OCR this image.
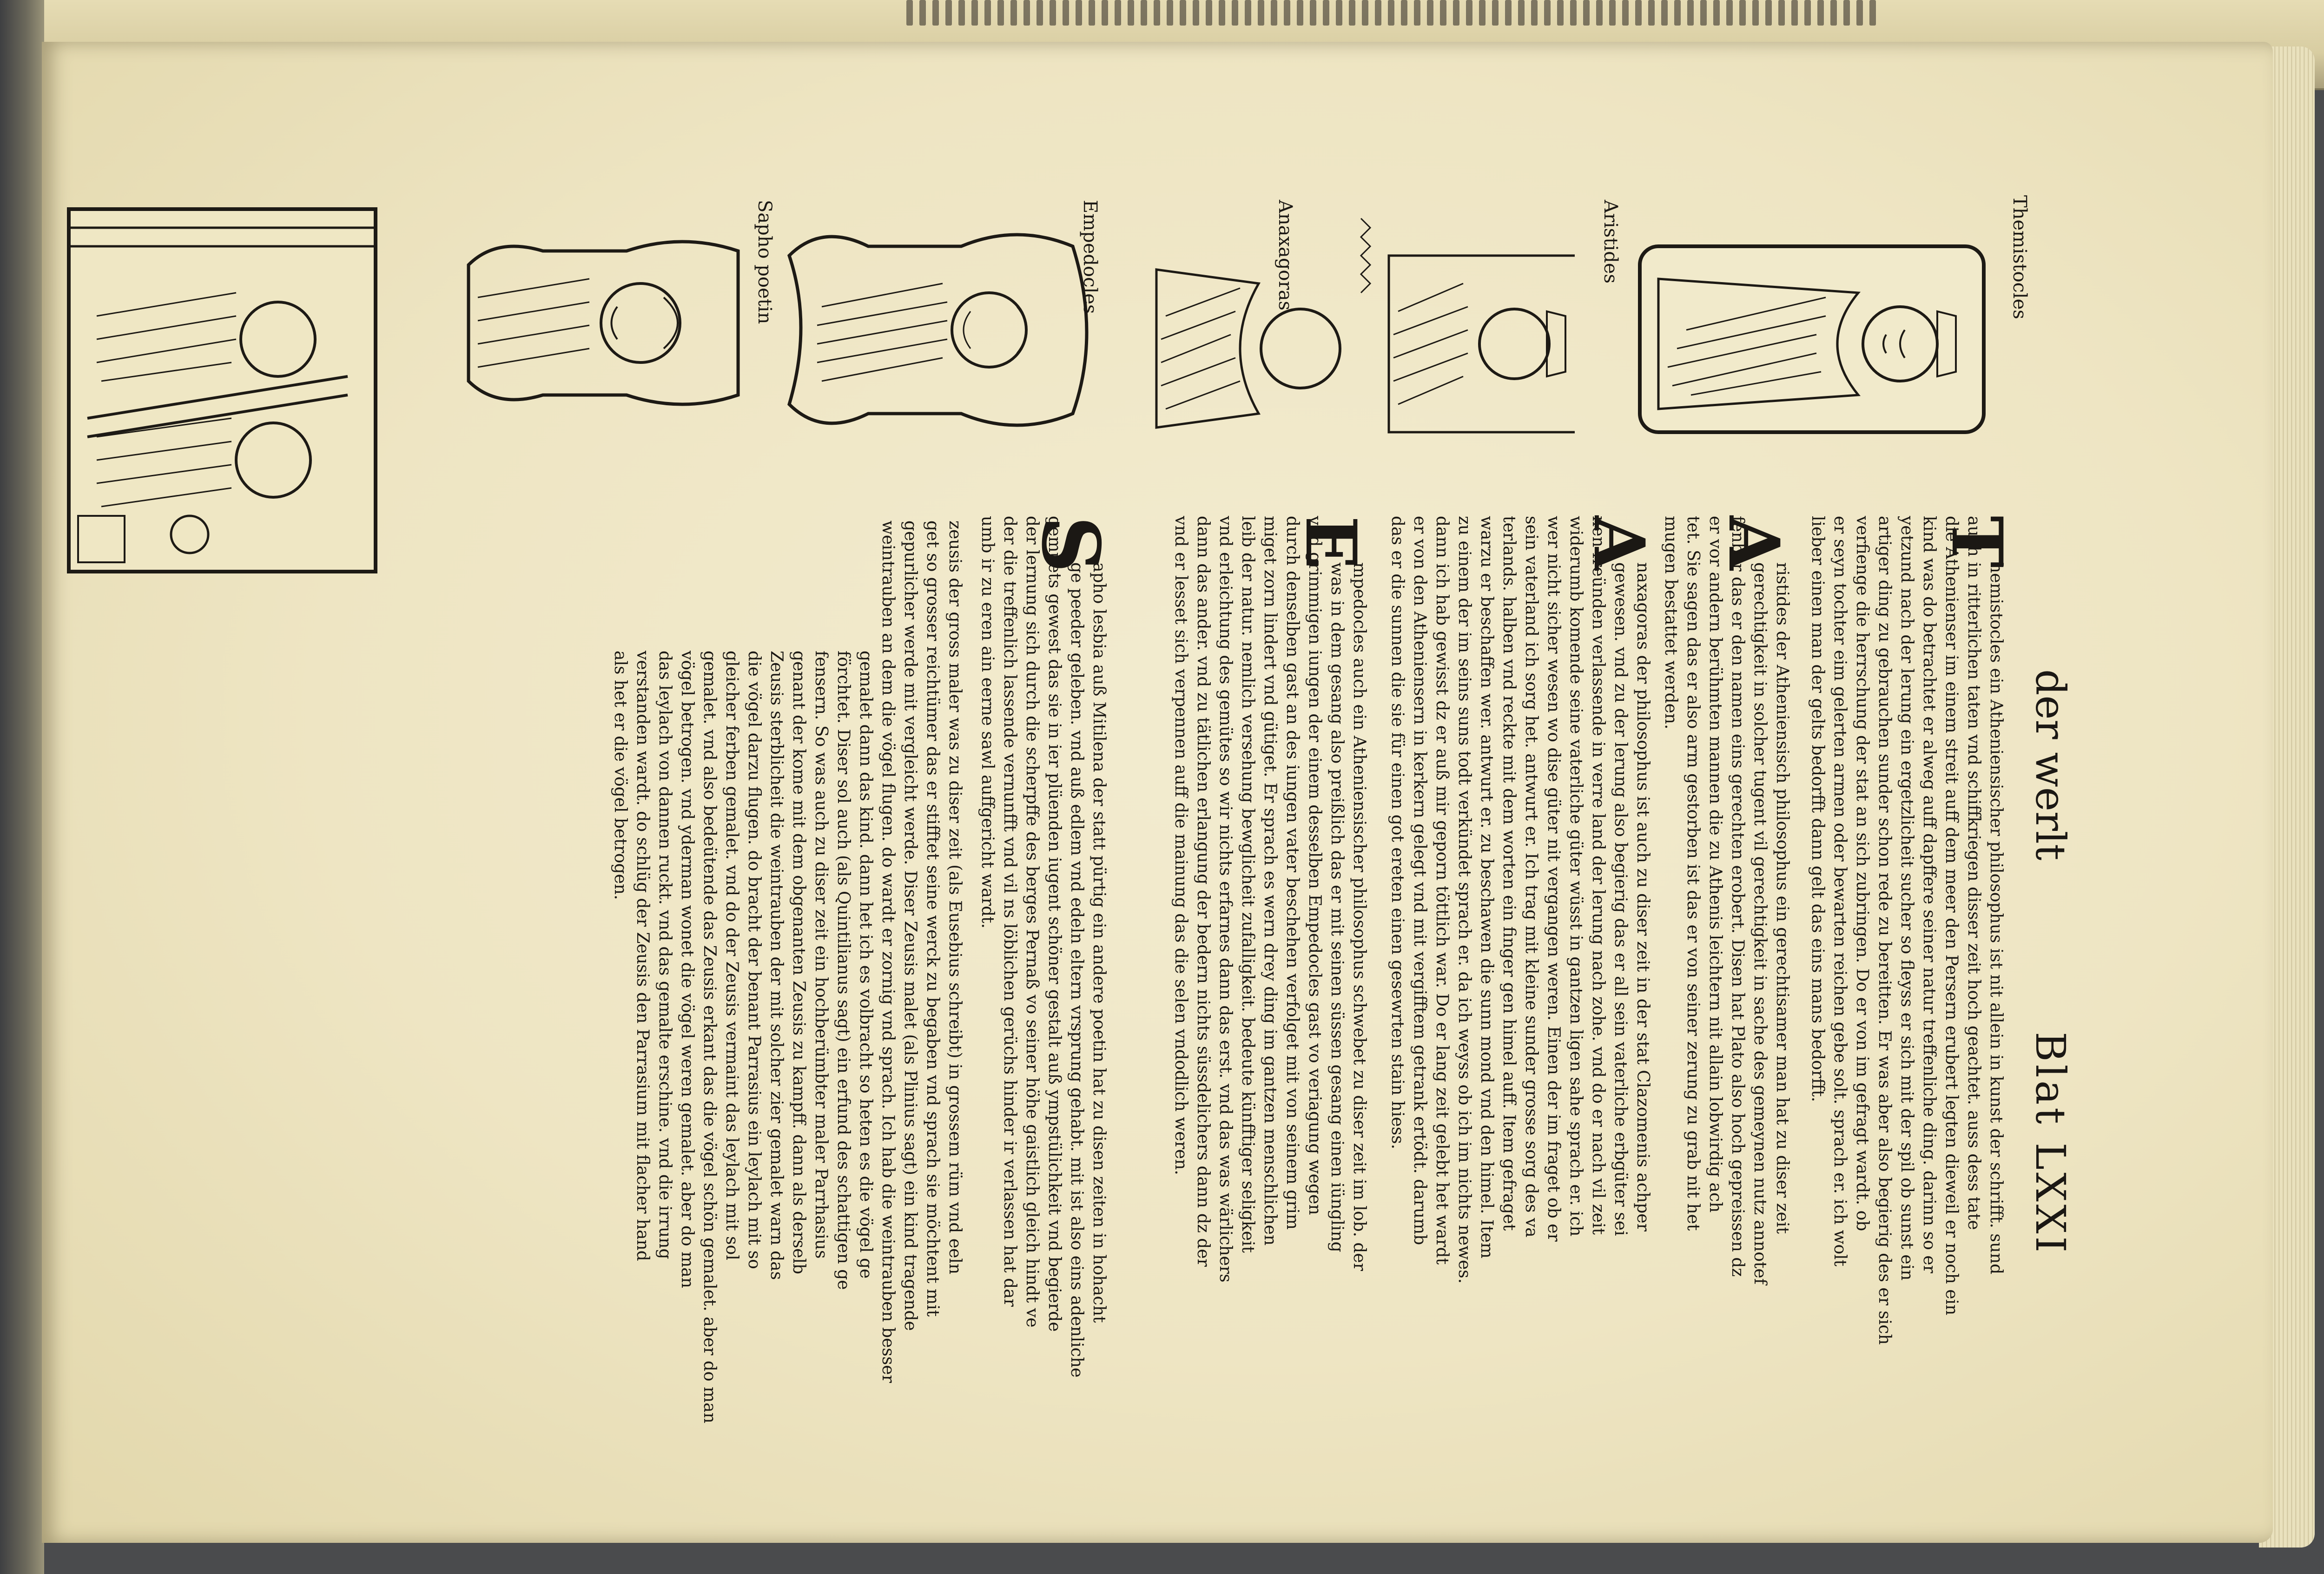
der werlt
Blat LXXI
Themistocles
Aristides
Anaxagoras
Empedocles
Sapho poetin
T
hemistocles ein Atheniensischer philosophus ist nit allein in kunst der schrifft. sund
auch in ritterlichen taten vnd schiffkriegen disser zeit hoch geachtet. auss dess tate
die Athenienser im einem streit auff dem meer den Persern erubert legten dieweil er noch ein
kind was do betrachtet er alweg auff dapffere seiner natur treffenliche ding. darinn so er
yetzund nach der lerung ein ergetzlicheit sucher so fleyss er sich mit der spil ob sunst ein
artiger ding zu gebrauchen sunder schon rede zu bereitten. Er was aber also begierig des er sich
verfienge die herrschung der stat an sich zubringen. Do er von im gefragt wardt. ob
er seyn tochter eim gelerten armen oder bewarten reichen gebe solt. sprach er. ich wolt
lieber einen man der gelts bedorfft dann gelt das eins mans bedorfft.
A
ristides der Atheniensisch philosophus ein gerechtisamer man hat zu diser zeit
gerechtigkeit in solcher tugent vil gerechtigkeit in sache des gemeynen nutz annotef
fenbar das er den namen eins gerechten erobert. Disen hat Plato also hoch gepreissen dz
er vor andern berühmten mannen die zu Athenis leichtern nit allain lobwirdig ach
tet. Sie sagen das er also arm gestorben ist das er von seiner zerung zu grab nit het
mugen bestattet werden.
A
naxagoras der philosophus ist auch zu diser zeit in der stat Clazomenis achper
gewesen. vnd zu der lerung also begierig das er all sein vaterliche erbgüter sei
nen freünden verlassende in verre land der lerung nach zohe. vnd do er nach vil zeit
widerumb komende seine vaterliche güter wüsst in gantzen ligen sahe sprach er. ich
wer nicht sicher wesen wo dise güter nit vergangen weren. Einen der im fraget ob er
sein vaterland ich sorg het. antwurt er. Ich trag mit kleine sunder grosse sorg des va
terlands. halben vnd reckte mit dem worten ein finger gen himel auff. Item gefraget
warzu er beschaffen wer. antwurt er. zu beschawen die sunn mond vnd den himel. Item
zu einem der im seins suns todt verkündet sprach er. da ich weyss ob ich im nichts newes.
dann ich hab gewisst dz er auß mir geporn töttlich war. Do er lang zeit gelebt het wardt
er von den Atheniensern in kerkern gelegt vnd mit vergifftem getrank ertödt. darumb
das er die sunnen die sie für einen got ereten einen gesewrten stain hiess.
E
mpedocles auch ein Atheniensischer philosophus schwebet zu diser zeit im lob. der
was in dem gesang also preißlich das er mit seinen süssen gesang einen iüngling
vnd grimmigen iungen der einem desselben Empedocles gast vo veriagung wegen
durch denselben gast an des iungen vater beschehen verfolget mit von seinem grim
miget zorn lindert vnd gütiget. Er sprach es wern drey ding im gantzen menschlichen
leib der natur. nemlich versehung bewglicheit zufalligkeit. bedeute künfftiger seligkeit
vnd erleichtung des gemütes so wir nichts erfarnes dann das erst. vnd das was wärlichers
dann das ander. vnd zu tätlichen erlangung der bedern nichts süssdelichers dann dz der
vnd er lesset sich verpennen auff die mainung das die selen vndodlich weren.
S
apho lesbia auß Mitilena der statt pürtig ein andere poetin hat zu disen zeiten in hohacht
ge peeder geleben. vnd auß edlem vnd edeln eltern vrsprung gehabt. mit ist also eins adenliche
gemüets gewest das sie in ier plüenden iugent schöner gestalt auß ympstülichkeit vnd begierde
der lernung sich durch die scherpffe des berges Pernaß vo seiner höhe gaistlich gleich hindt ve
der die treffenlich lassende vernunfft vnd vil ns löblichen gerüchs hinder ir verlassen hat dar
umb ir zu eren ain eerne sawl auffgericht wardt.
zeusis der gross maler was zu diser zeit (als Eusebius schreibt) in grossem rüm vnd eeln
get so grosser reichtümer das er stifftet seine werck zu begaben vnd sprach sie möchtent mit
gepurlicher werde mit vergleicht werde. Diser Zeusis malet (als Plinius sagt) ein kind tragende
weintrauben an dem die vögel flugen. do wardt er zornig vnd sprach. Ich hab die weintrauben besser
gemalet dann das kind. dann het ich es volbracht so heten es die vögel ge
förchtet. Diser sol auch (als Quintilianus sagt) ein erfund des schattigen ge
fensern. So was auch zu diser zeit ein hochberümbter maler Parrhasius
genant der kome mit dem obgenanten Zeusis zu kampff. dann als derselb
Zeusis sterblicheit die weintrauben der mit solcher zier gemalet warn das
die vögel darzu flugen. do bracht der benant Parrasius ein leylach mit so
gleicher ferben gemalet. vnd do der Zeusis vermaint das leylach mit sol
gemalet. vnd also bedeütende das Zeusis erkant das die vögel schön gemalet. aber do man
vögel betrogen. vnd yderman wonet die vögel weren gemalet. aber do man
das leylach von dannen ruckt. vnd das gemalte erschine. vnd die irrung
verstanden wardt. do schlüg der Zeusis den Parrasium mit flacher hand
als het er die vögel betrogen.
